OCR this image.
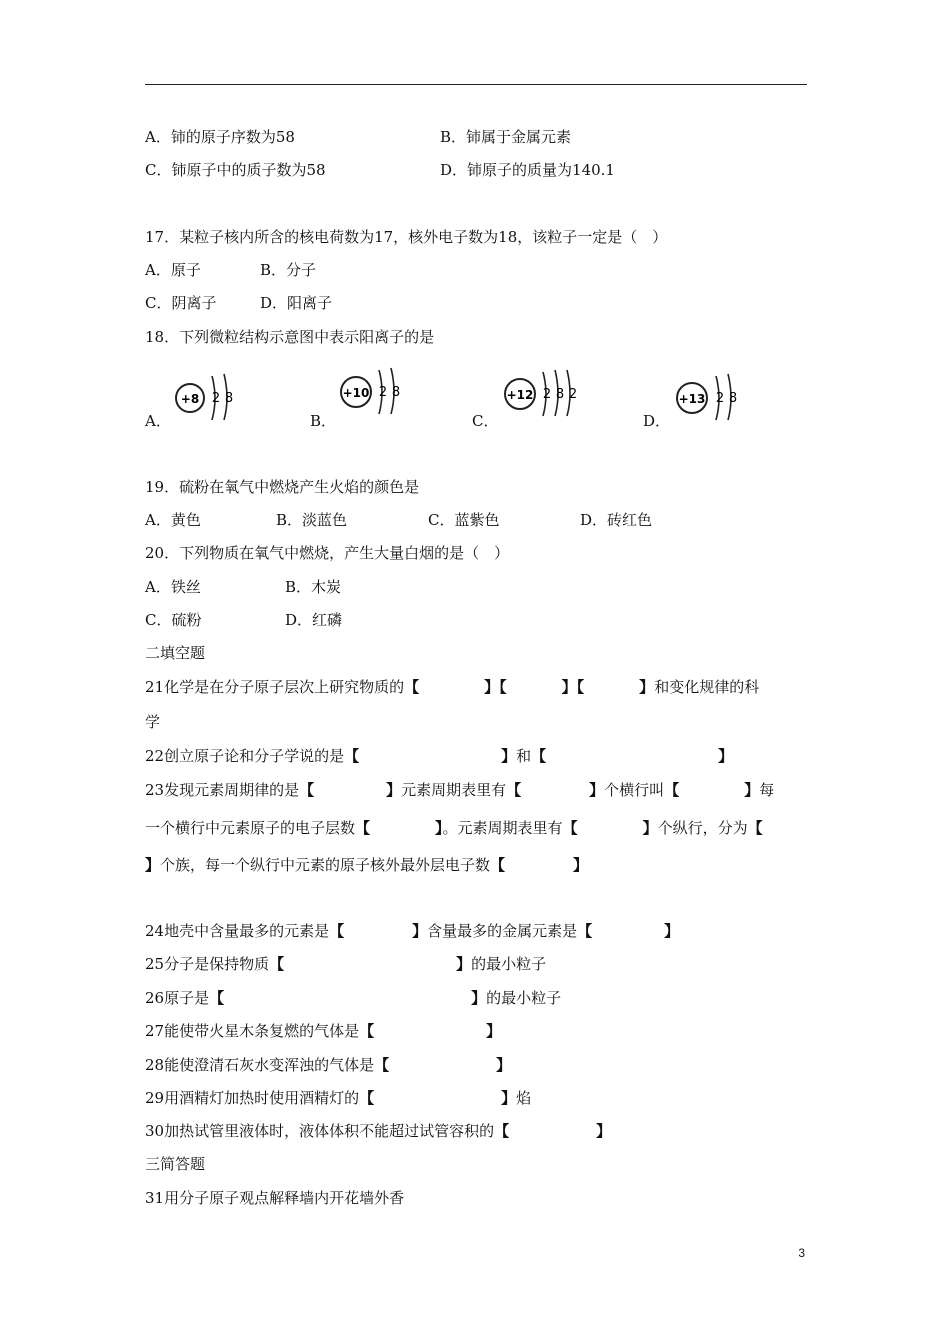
A．铈的原子序数为58	B．铈属于金属元素
C．铈原子中的质子数为58	D．铈原子的质量为140.1
17．某粒子核内所含的核电荷数为17，核外电子数为18，该粒子一定是（　）
A．原子	B．分子
C．阴离子	D．阳离子
18．下列微粒结构示意图中表示阳离子的是
A．	B．	C．	D．
+8 2 8	+10 2 8	+12 2 8 2	+13 2 8
19．硫粉在氧气中燃烧产生火焰的颜色是
A．黄色	B．淡蓝色	C．蓝紫色	D．砖红色
20．下列物质在氧气中燃烧，产生大量白烟的是（　）
A．铁丝	B．木炭
C．硫粉	D．红磷
二填空题
21化学是在分子原子层次上研究物质的【	】【	】【	】和变化规律的科
学
22创立原子论和分子学说的是【	】和【	】
23发现元素周期律的是【	】元素周期表里有【	】个横行叫【	】每
一个横行中元素原子的电子层数【	】。元素周期表里有【	】个纵行，分为【
】个族，每一个纵行中元素的原子核外最外层电子数【	】
24地壳中含量最多的元素是【	】含量最多的金属元素是【	】
25分子是保持物质【	】的最小粒子
26原子是【	】的最小粒子
27能使带火星木条复燃的气体是【	】
28能使澄清石灰水变浑浊的气体是【	】
29用酒精灯加热时使用酒精灯的【	】焰
30加热试管里液体时，液体体积不能超过试管容积的【	】
三简答题
31用分子原子观点解释墙内开花墙外香
3
